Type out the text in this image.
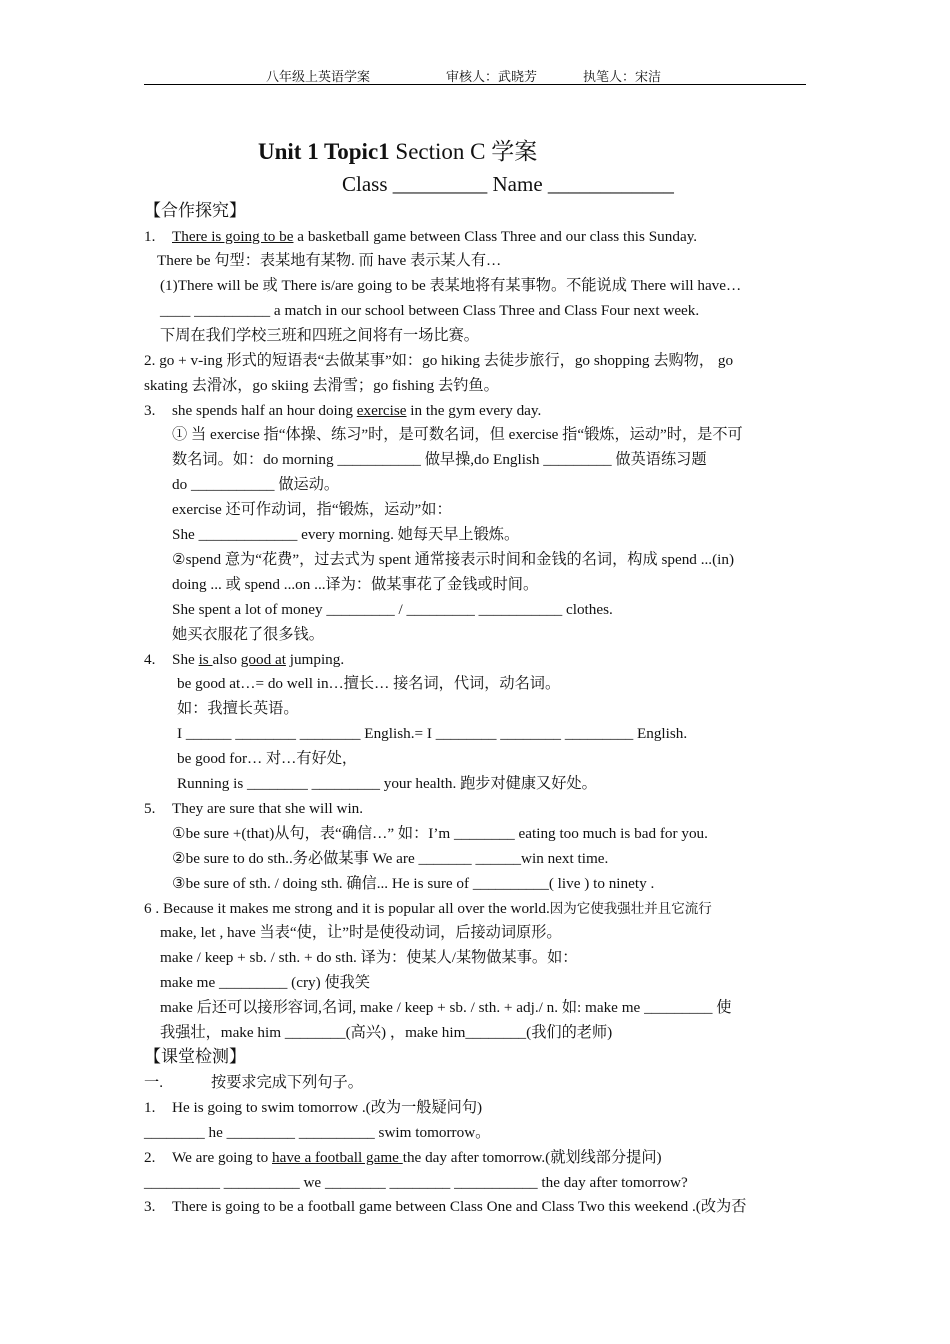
八年级上英语学案	审核人：武晓芳	执笔人：宋洁
Unit 1 Topic1 Section C 学案
Class _________ Name ____________
【合作探究】
1. There is going to be a basketball game between Class Three and our class this Sunday.
There be 句型：表某地有某物. 而 have 表示某人有…
(1)There will be 或 There is/are going to be 表某地将有某事物。不能说成 There will have…
____ __________ a match in our school between Class Three and Class Four next week.
下周在我们学校三班和四班之间将有一场比赛。
2. go + v-ing 形式的短语表“去做某事”如：go hiking 去徒步旅行，go shopping 去购物， go
skating 去滑冰，go skiing 去滑雪；go fishing 去钓鱼。
3. she spends half an hour doing exercise in the gym every day.
① 当 exercise 指“体操、练习”时，是可数名词，但 exercise 指“锻炼，运动”时，是不可
数名词。如：do morning ___________ 做早操,do English _________ 做英语练习题
do ___________ 做运动。
exercise 还可作动词，指“锻炼，运动”如：
She _____________ every morning. 她每天早上锻炼。
②spend 意为“花费”，过去式为 spent 通常接表示时间和金钱的名词，构成 spend ...(in)
doing ... 或 spend ...on ...译为：做某事花了金钱或时间。
She spent a lot of money _________ / _________ ___________ clothes.
她买衣服花了很多钱。
4. She is also good at jumping.
be good at…= do well in…擅长… 接名词，代词，动名词。
如：我擅长英语。
I ______ ________ ________ English.= I ________ ________ _________ English.
be good for… 对…有好处，
Running is ________ _________ your health. 跑步对健康又好处。
5. They are sure that she will win.
①be sure +(that)从句，表“确信…” 如：I’m ________ eating too much is bad for you.
②be sure to do sth..务必做某事 We are _______ ______win next time.
③be sure of sth. / doing sth. 确信... He is sure of __________( live ) to ninety .
6 . Because it makes me strong and it is popular all over the world.因为它使我强壮并且它流行
make, let , have 当表“使，让”时是使役动词，后接动词原形。
make / keep + sb. / sth. + do sth. 译为：使某人/某物做某事。如：
make me _________ (cry) 使我笑
make 后还可以接形容词,名词, make / keep + sb. / sth. + adj./ n. 如: make me _________ 使
我强壮，make him ________(高兴) ，make him________(我们的老师)
【课堂检测】
一.	按要求完成下列句子。
1. He is going to swim tomorrow .(改为一般疑问句)
________ he _________ __________ swim tomorrow。
2. We are going to have a football game the day after tomorrow.(就划线部分提问)
__________ __________ we ________ ________ ___________ the day after tomorrow?
3. There is going to be a football game between Class One and Class Two this weekend .(改为否
